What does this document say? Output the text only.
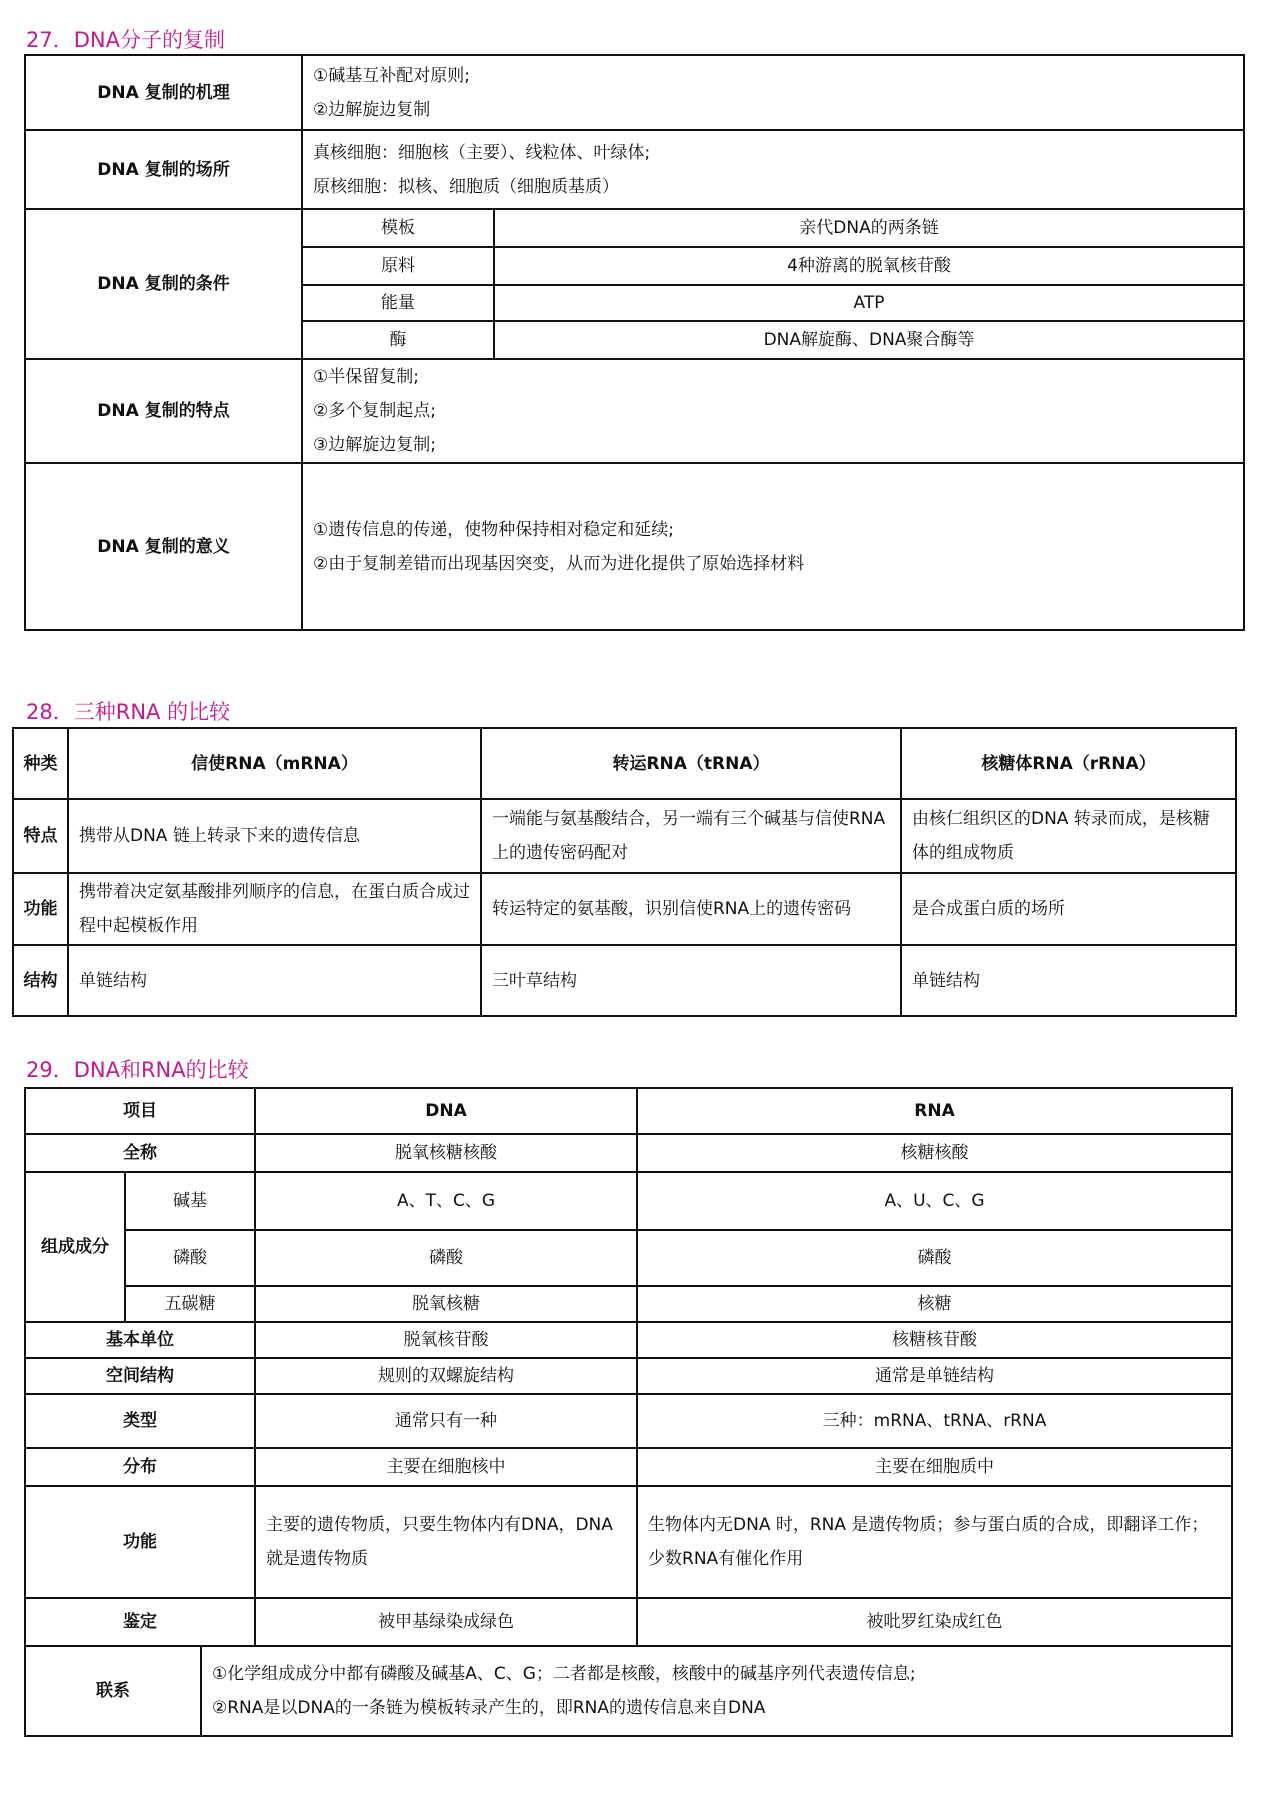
27．DNA分子的复制
DNA 复制的机理	①碱基互补配对原则;
②边解旋边复制	

DNA 复制的场所	真核细胞：细胞核（主要）、线粒体、叶绿体;
原核细胞：拟核、细胞质（细胞质基质）	

DNA 复制的条件	模板	亲代DNA的两条链
	原料	4种游离的脱氧核苷酸
	能量	ATP
	酶	DNA解旋酶、DNA聚合酶等
DNA 复制的特点	①半保留复制;
②多个复制起点;
③边解旋边复制;	

DNA 复制的意义	①遗传信息的传递，使物种保持相对稳定和延续;
②由于复制差错而出现基因突变，从而为进化提供了原始选择材料	
28．三种RNA 的比较
种类	信使RNA（mRNA）	转运RNA（tRNA）	核糖体RNA（rRNA）
特点	携带从DNA 链上转录下来的遗传信息	一端能与氨基酸结合，另一端有三个碱基与信使RNA上的遗传密码配对	由核仁组织区的DNA 转录而成，是核糖体的组成物质
功能	携带着决定氨基酸排列顺序的信息，在蛋白质合成过程中起模板作用	转运特定的氨基酸，识别信使RNA上的遗传密码	是合成蛋白质的场所
结构	单链结构	三叶草结构	单链结构
29．DNA和RNA的比较
项目			DNA	RNA
全称			脱氧核糖核酸	核糖核酸
组成成分	碱基		A、T、C、G	A、U、C、G
	磷酸		磷酸	磷酸
	五碳糖		脱氧核糖	核糖
基本单位			脱氧核苷酸	核糖核苷酸
空间结构			规则的双螺旋结构	通常是单链结构
类型			通常只有一种	三种：mRNA、tRNA、rRNA
分布			主要在细胞核中	主要在细胞质中
功能			主要的遗传物质，只要生物体内有DNA，DNA就是遗传物质	生物体内无DNA 时，RNA 是遗传物质；参与蛋白质的合成，即翻译工作；少数RNA有催化作用
鉴定			被甲基绿染成绿色	被吡罗红染成红色
联系		①化学组成成分中都有磷酸及碱基A、C、G；二者都是核酸，核酸中的碱基序列代表遗传信息;
②RNA是以DNA的一条链为模板转录产生的，即RNA的遗传信息来自DNA		
